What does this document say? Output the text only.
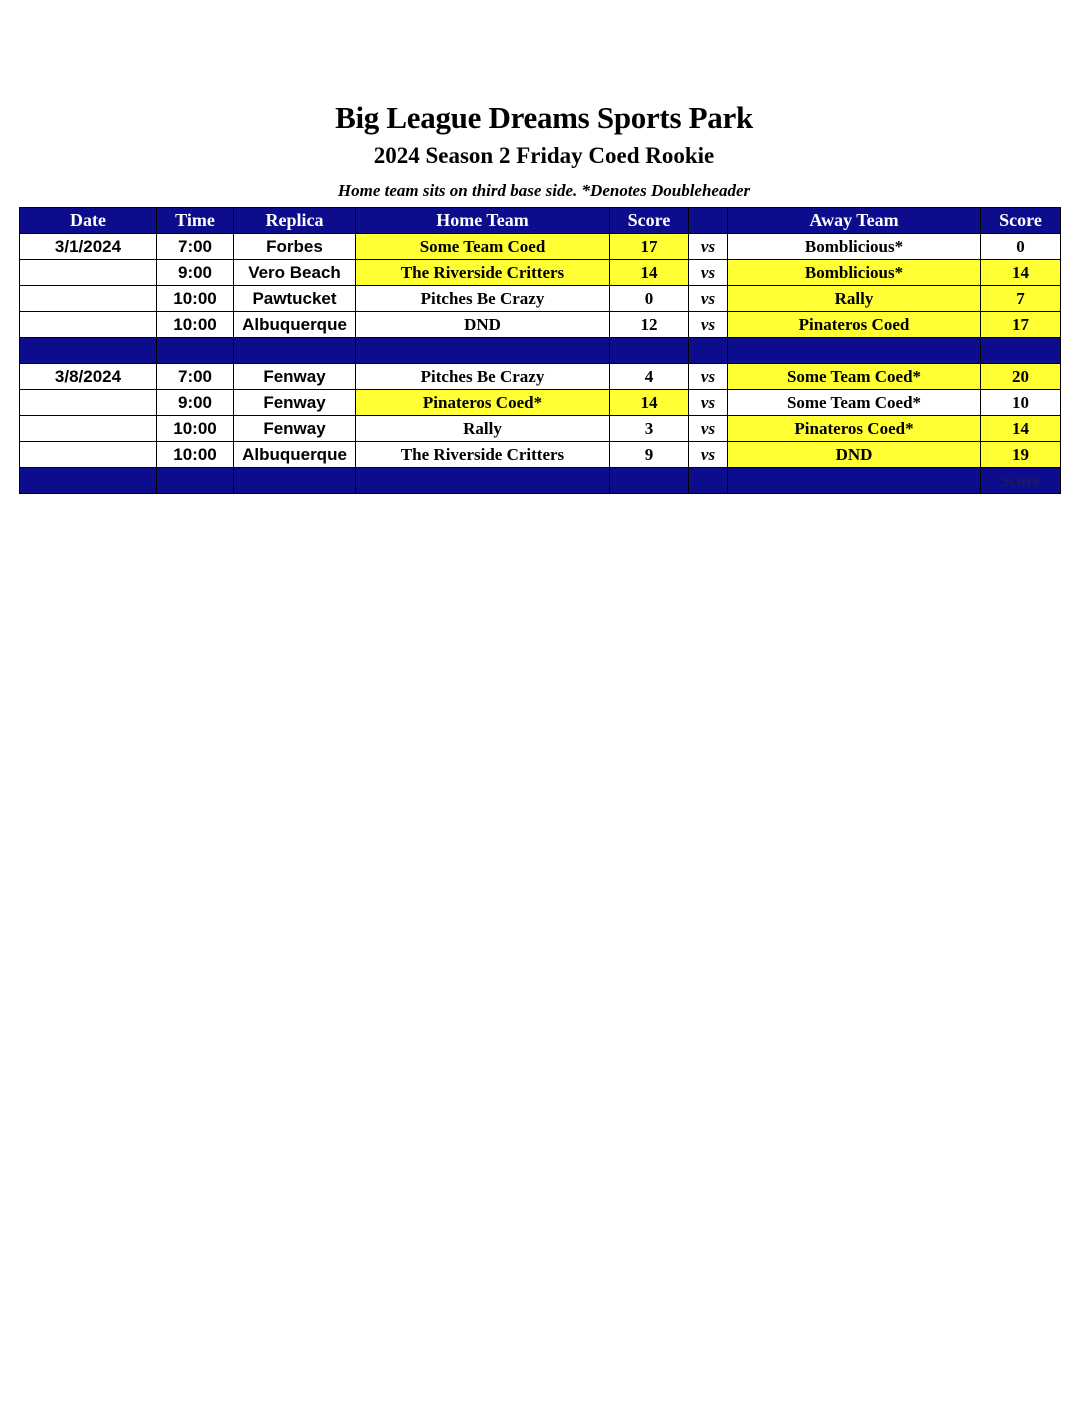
Big League Dreams Sports Park
2024 Season 2 Friday Coed Rookie
Home team sits on third base side. *Denotes Doubleheader
Date	Time	Replica	Home Team	Score		Away Team	Score
3/1/2024	7:00	Forbes	Some Team Coed	17	vs	Bomblicious*	0
	9:00	Vero Beach	The Riverside Critters	14	vs	Bomblicious*	14
	10:00	Pawtucket	Pitches Be Crazy	0	vs	Rally	7
	10:00	Albuquerque	DND	12	vs	Pinateros Coed	17

3/8/2024	7:00	Fenway	Pitches Be Crazy	4	vs	Some Team Coed*	20
	9:00	Fenway	Pinateros Coed*	14	vs	Some Team Coed*	10
	10:00	Fenway	Rally	3	vs	Pinateros Coed*	14
	10:00	Albuquerque	The Riverside Critters	9	vs	DND	19
							Score
